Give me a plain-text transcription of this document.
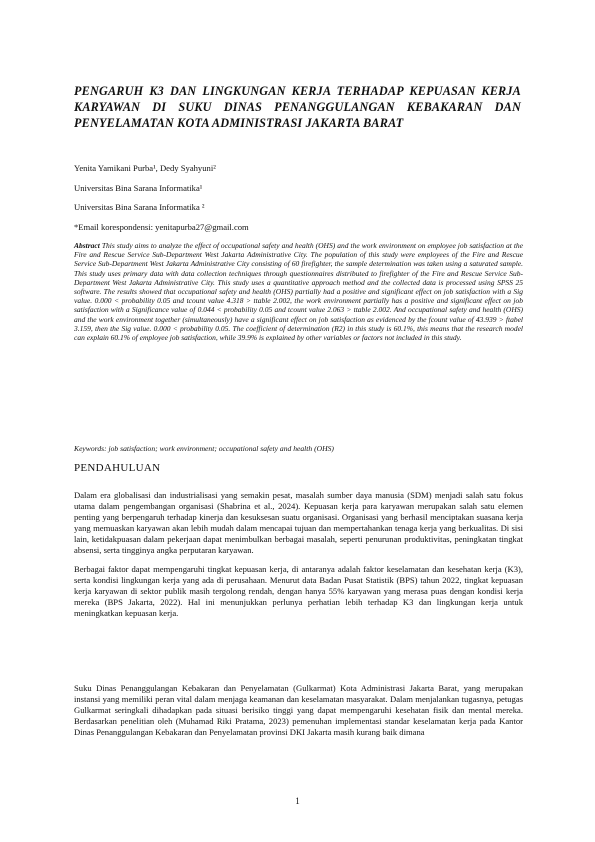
PENGARUH K3 DAN LINGKUNGAN KERJA TERHADAP KEPUASAN KERJA KARYAWAN DI SUKU DINAS PENANGGULANGAN KEBAKARAN DAN PENYELAMATAN KOTA ADMINISTRASI JAKARTA BARAT
Yenita Yamikani Purba¹, Dedy Syahyuni²
Universitas Bina Sarana Informatika¹
Universitas Bina Sarana Informatika ²
*Email korespondensi: yenitapurba27@gmail.com
Abstract This study aims to analyze the effect of occupational safety and health (OHS) and the work environment on employee job satisfaction at the Fire and Rescue Service Sub-Department West Jakarta Administrative City. The population of this study were employees of the Fire and Rescue Service Sub-Department West Jakarta Administrative City consisting of 60 firefighter, the sample determination was taken using a saturated sample. This study uses primary data with data collection techniques through questionnaires distributed to firefighter of the Fire and Rescue Service Sub-Department West Jakarta Administrative City. This study uses a quantitative approach method and the collected data is processed using SPSS 25 software. The results showed that occupational safety and health (OHS) partially had a positive and significant effect on job satisfaction with a Sig value. 0.000 < probability 0.05 and tcount value 4.318 > ttable 2.002, the work environment partially has a positive and significant effect on job satisfaction with a Significance value of 0.044 < probability 0.05 and tcount value 2.063 > ttable 2.002. And occupational safety and health (OHS) and the work environment together (simultaneously) have a significant effect on job satisfaction as evidenced by the fcount value of 43.939 > ftabel 3.159, then the Sig value. 0.000 < probability 0.05. The coefficient of determination (R2) in this study is 60.1%, this means that the research model can explain 60.1% of employee job satisfaction, while 39.9% is explained by other variables or factors not included in this study.
Keywords: job satisfaction; work environment; occupational safety and health (OHS)
PENDAHULUAN
Dalam era globalisasi dan industrialisasi yang semakin pesat, masalah sumber daya manusia (SDM) menjadi salah satu fokus utama dalam pengembangan organisasi (Shabrina et al., 2024). Kepuasan kerja para karyawan merupakan salah satu elemen penting yang berpengaruh terhadap kinerja dan kesuksesan suatu organisasi. Organisasi yang berhasil menciptakan suasana kerja yang memuaskan karyawan akan lebih mudah dalam mencapai tujuan dan mempertahankan tenaga kerja yang berkualitas. Di sisi lain, ketidakpuasan dalam pekerjaan dapat menimbulkan berbagai masalah, seperti penurunan produktivitas, peningkatan tingkat absensi, serta tingginya angka perputaran karyawan.
Berbagai faktor dapat mempengaruhi tingkat kepuasan kerja, di antaranya adalah faktor keselamatan dan kesehatan kerja (K3), serta kondisi lingkungan kerja yang ada di perusahaan. Menurut data Badan Pusat Statistik (BPS) tahun 2022, tingkat kepuasan kerja karyawan di sektor publik masih tergolong rendah, dengan hanya 55% karyawan yang merasa puas dengan kondisi kerja mereka (BPS Jakarta, 2022). Hal ini menunjukkan perlunya perhatian lebih terhadap K3 dan lingkungan kerja untuk meningkatkan kepuasan kerja.
Suku Dinas Penanggulangan Kebakaran dan Penyelamatan (Gulkarmat) Kota Administrasi Jakarta Barat, yang merupakan instansi yang memiliki peran vital dalam menjaga keamanan dan keselamatan masyarakat. Dalam menjalankan tugasnya, petugas Gulkarmat seringkali dihadapkan pada situasi berisiko tinggi yang dapat mempengaruhi kesehatan fisik dan mental mereka. Berdasarkan penelitian oleh (Muhamad Riki Pratama, 2023) pemenuhan implementasi standar keselamatan kerja pada Kantor Dinas Penanggulangan Kebakaran dan Penyelamatan provinsi DKI Jakarta masih kurang baik dimana
1
